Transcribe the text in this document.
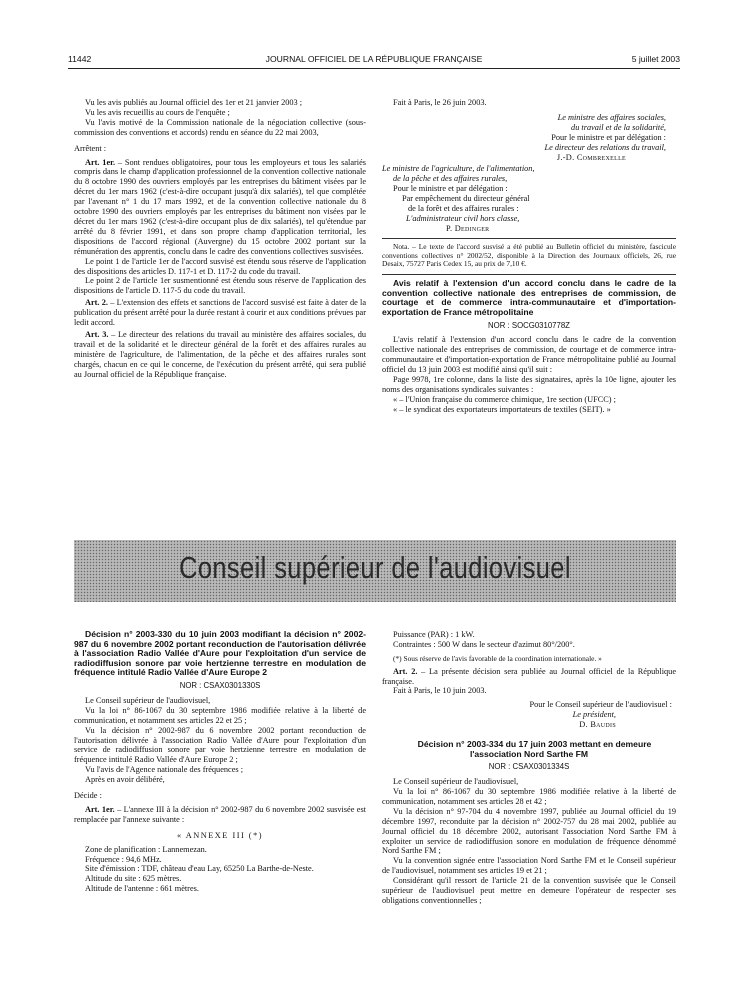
11442	JOURNAL OFFICIEL DE LA RÉPUBLIQUE FRANÇAISE	5 juillet 2003

Vu les avis publiés au Journal officiel des 1er et 21 janvier 2003 ;

Vu les avis recueillis au cours de l'enquête ;

Vu l'avis motivé de la Commission nationale de la négociation collective (sous-commission des conventions et accords) rendu en séance du 22 mai 2003,

Arrêtent :

Art. 1er. – Sont rendues obligatoires, pour tous les employeurs et tous les salariés compris dans le champ d'application professionnel de la convention collective nationale du 8 octobre 1990 des ouvriers employés par les entreprises du bâtiment visées par le décret du 1er mars 1962 (c'est-à-dire occupant jusqu'à dix salariés), tel que complétée par l'avenant n° 1 du 17 mars 1992, et de la convention collective nationale du 8 octobre 1990 des ouvriers employés par les entreprises du bâtiment non visées par le décret du 1er mars 1962 (c'est-à-dire occupant plus de dix salariés), tel qu'étendue par arrêté du 8 février 1991, et dans son propre champ d'application territorial, les dispositions de l'accord régional (Auvergne) du 15 octobre 2002 portant sur la rémunération des apprentis, conclu dans le cadre des conventions collectives susvisées.

Le point 1 de l'article 1er de l'accord susvisé est étendu sous réserve de l'application des dispositions des articles D. 117-1 et D. 117-2 du code du travail.

Le point 2 de l'article 1er susmentionné est étendu sous réserve de l'application des dispositions de l'article D. 117-5 du code du travail.

Art. 2. – L'extension des effets et sanctions de l'accord susvisé est faite à dater de la publication du présent arrêté pour la durée restant à courir et aux conditions prévues par ledit accord.

Art. 3. – Le directeur des relations du travail au ministère des affaires sociales, du travail et de la solidarité et le directeur général de la forêt et des affaires rurales au ministère de l'agriculture, de l'alimentation, de la pêche et des affaires rurales sont chargés, chacun en ce qui le concerne, de l'exécution du présent arrêté, qui sera publié au Journal officiel de la République française.

Fait à Paris, le 26 juin 2003.

Le ministre des affaires sociales,
du travail et de la solidarité,
Pour le ministre et par délégation :
Le directeur des relations du travail,
J.-D. Combrexelle
Le ministre de l'agriculture, de l'alimentation,
de la pêche et des affaires rurales,
Pour le ministre et par délégation :
Par empêchement du directeur général
de la forêt et des affaires rurales :
L'administrateur civil hors classe,
P. Dedinger

Nota. – Le texte de l'accord susvisé a été publié au Bulletin officiel du ministère, fascicule conventions collectives n° 2002/52, disponible à la Direction des Journaux officiels, 26, rue Desaix, 75727 Paris Cedex 15, au prix de 7,10 €.

Avis relatif à l'extension d'un accord conclu dans le cadre de la convention collective nationale des entreprises de commission, de courtage et de commerce intra-communautaire et d'importation-exportation de France métropolitaine

NOR : SOCG0310778Z

L'avis relatif à l'extension d'un accord conclu dans le cadre de la convention collective nationale des entreprises de commission, de courtage et de commerce intra-communautaire et d'importation-exportation de France métropolitaine publié au Journal officiel du 13 juin 2003 est modifié ainsi qu'il suit :

Page 9978, 1re colonne, dans la liste des signataires, après la 10e ligne, ajouter les noms des organisations syndicales suivantes :

« – l'Union française du commerce chimique, 1re section (UFCC) ;

« – le syndicat des exportateurs importateurs de textiles (SEIT). »

Conseil supérieur de l'audiovisuel

Décision n° 2003-330 du 10 juin 2003 modifiant la décision n° 2002-987 du 6 novembre 2002 portant reconduction de l'autorisation délivrée à l'association Radio Vallée d'Aure pour l'exploitation d'un service de radiodiffusion sonore par voie hertzienne terrestre en modulation de fréquence intitulé Radio Vallée d'Aure Europe 2

NOR : CSAX0301330S

Le Conseil supérieur de l'audiovisuel,

Vu la loi n° 86-1067 du 30 septembre 1986 modifiée relative à la liberté de communication, et notamment ses articles 22 et 25 ;

Vu la décision n° 2002-987 du 6 novembre 2002 portant reconduction de l'autorisation délivrée à l'association Radio Vallée d'Aure pour l'exploitation d'un service de radiodiffusion sonore par voie hertzienne terrestre en modulation de fréquence intitulé Radio Vallée d'Aure Europe 2 ;

Vu l'avis de l'Agence nationale des fréquences ;

Après en avoir délibéré,

Décide :

Art. 1er. – L'annexe III à la décision n° 2002-987 du 6 novembre 2002 susvisée est remplacée par l'annexe suivante :

« ANNEXE III (*)

Zone de planification : Lannemezan.

Fréquence : 94,6 MHz.

Site d'émission : TDF, château d'eau Lay, 65250 La Barthe-de-Neste.

Altitude du site : 625 mètres.

Altitude de l'antenne : 661 mètres.

Puissance (PAR) : 1 kW.

Contraintes : 500 W dans le secteur d'azimut 80°/200°.

(*) Sous réserve de l'avis favorable de la coordination internationale. »

Art. 2. – La présente décision sera publiée au Journal officiel de la République française.

Fait à Paris, le 10 juin 2003.

Pour le Conseil supérieur de l'audiovisuel :
Le président,
D. Baudis

Décision n° 2003-334 du 17 juin 2003 mettant en demeure l'association Nord Sarthe FM

NOR : CSAX0301334S

Le Conseil supérieur de l'audiovisuel,

Vu la loi n° 86-1067 du 30 septembre 1986 modifiée relative à la liberté de communication, notamment ses articles 28 et 42 ;

Vu la décision n° 97-704 du 4 novembre 1997, publiée au Journal officiel du 19 décembre 1997, reconduite par la décision n° 2002-757 du 28 mai 2002, publiée au Journal officiel du 18 décembre 2002, autorisant l'association Nord Sarthe FM à exploiter un service de radiodiffusion sonore en modulation de fréquence dénommé Nord Sarthe FM ;

Vu la convention signée entre l'association Nord Sarthe FM et le Conseil supérieur de l'audiovisuel, notamment ses articles 19 et 21 ;

Considérant qu'il ressort de l'article 21 de la convention susvisée que le Conseil supérieur de l'audiovisuel peut mettre en demeure l'opérateur de respecter ses obligations conventionnelles ;
